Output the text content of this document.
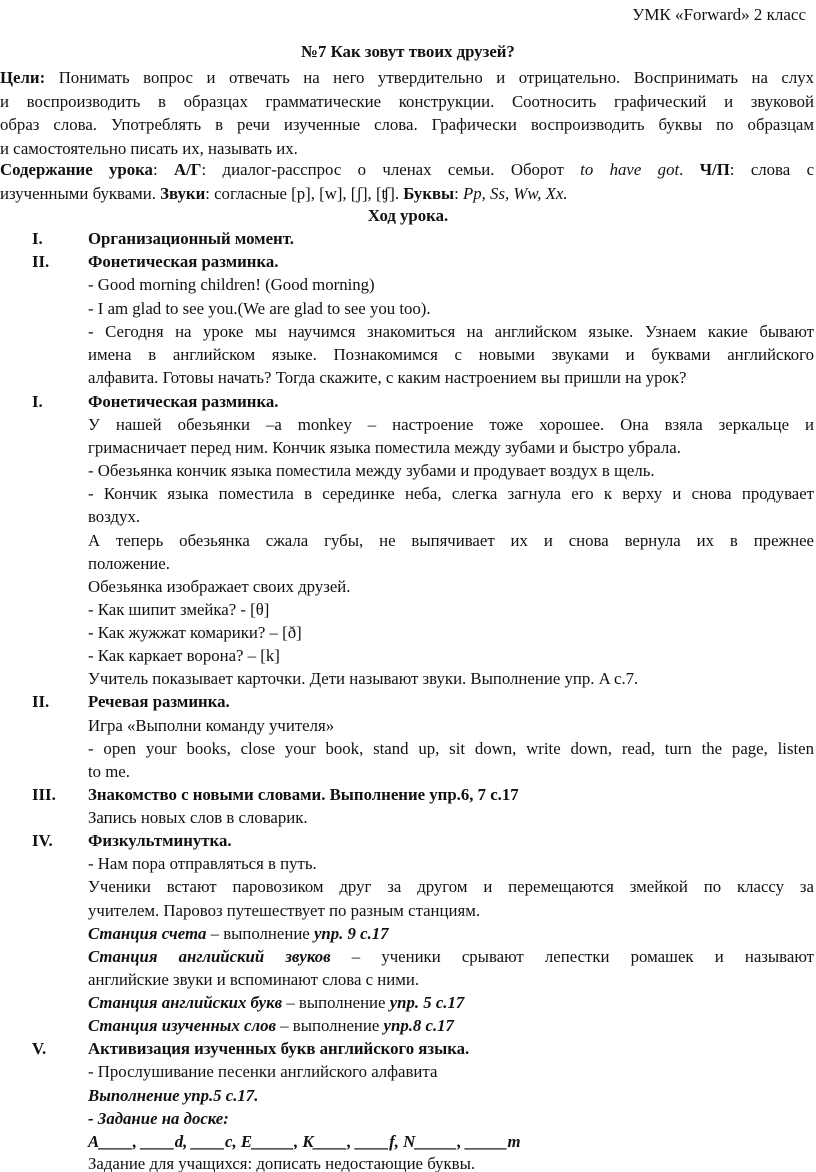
УМК «Forward» 2 класс
№7 Как зовут твоих друзей?
Цели: Понимать вопрос и отвечать на него утвердительно и отрицательно. Воспринимать на слух
и воспроизводить в образцах грамматические конструкции. Соотносить графический и звуковой
образ слова. Употреблять в речи изученные слова. Графически воспроизводить буквы по образцам
и самостоятельно писать их, называть их.
Содержание урока: А/Г: диалог-расспрос о членах семьи. Оборот to have got. Ч/П: слова с
изученными буквами. Звуки: согласные [p], [w], [ʃ], [ʧ]. Буквы: Pp, Ss, Ww, Xx.
Ход урока.
I.	Организационный момент.
II. Фонетическая разминка.
- Good morning children! (Good morning)
- I am glad to see you.(We are glad to see you too).
- Сегодня на уроке мы научимся знакомиться на английском языке. Узнаем какие бывают
имена в английском языке. Познакомимся с новыми звуками и буквами английского
алфавита. Готовы начать? Тогда скажите, с каким настроением вы пришли на урок?
I.	Фонетическая разминка.
У нашей обезьянки –a monkey – настроение тоже хорошее. Она взяла зеркальце и
гримасничает перед ним. Кончик языка поместила между зубами и быстро убрала.
- Обезьянка кончик языка поместила между зубами и продувает воздух в щель.
- Кончик языка поместила в серединке неба, слегка загнула его к верху и снова продувает
воздух.
А теперь обезьянка сжала губы, не выпячивает их и снова вернула их в прежнее
положение.
Обезьянка изображает своих друзей.
- Как шипит змейка? - [θ]
- Как жужжат комарики? – [ð]
- Как каркает ворона? – [k]
Учитель показывает карточки. Дети называют звуки. Выполнение упр. A c.7.
II. Речевая разминка.
Игра «Выполни команду учителя»
- open your books, close your book, stand up, sit down, write down, read, turn the page, listen
to me.
III. Знакомство с новыми словами. Выполнение упр.6, 7 с.17
Запись новых слов в словарик.
IV. Физкультминутка.
- Нам пора отправляться в путь.
Ученики встают паровозиком друг за другом и перемещаются змейкой по классу за
учителем. Паровоз путешествует по разным станциям.
Станция счета – выполнение упр. 9 с.17
Станция английский звуков – ученики срывают лепестки ромашек и называют
английские звуки и вспоминают слова с ними.
Станция английских букв – выполнение упр. 5 с.17
Станция изученных слов – выполнение упр.8 с.17
V. Активизация изученных букв английского языка.
- Прослушивание песенки английского алфавита
Выполнение упр.5 с.17.
- Задание на доске:
A____, ____d, ____c, E_____, K____, ____f, N_____, _____m
Задание для учащихся: дописать недостающие буквы.
